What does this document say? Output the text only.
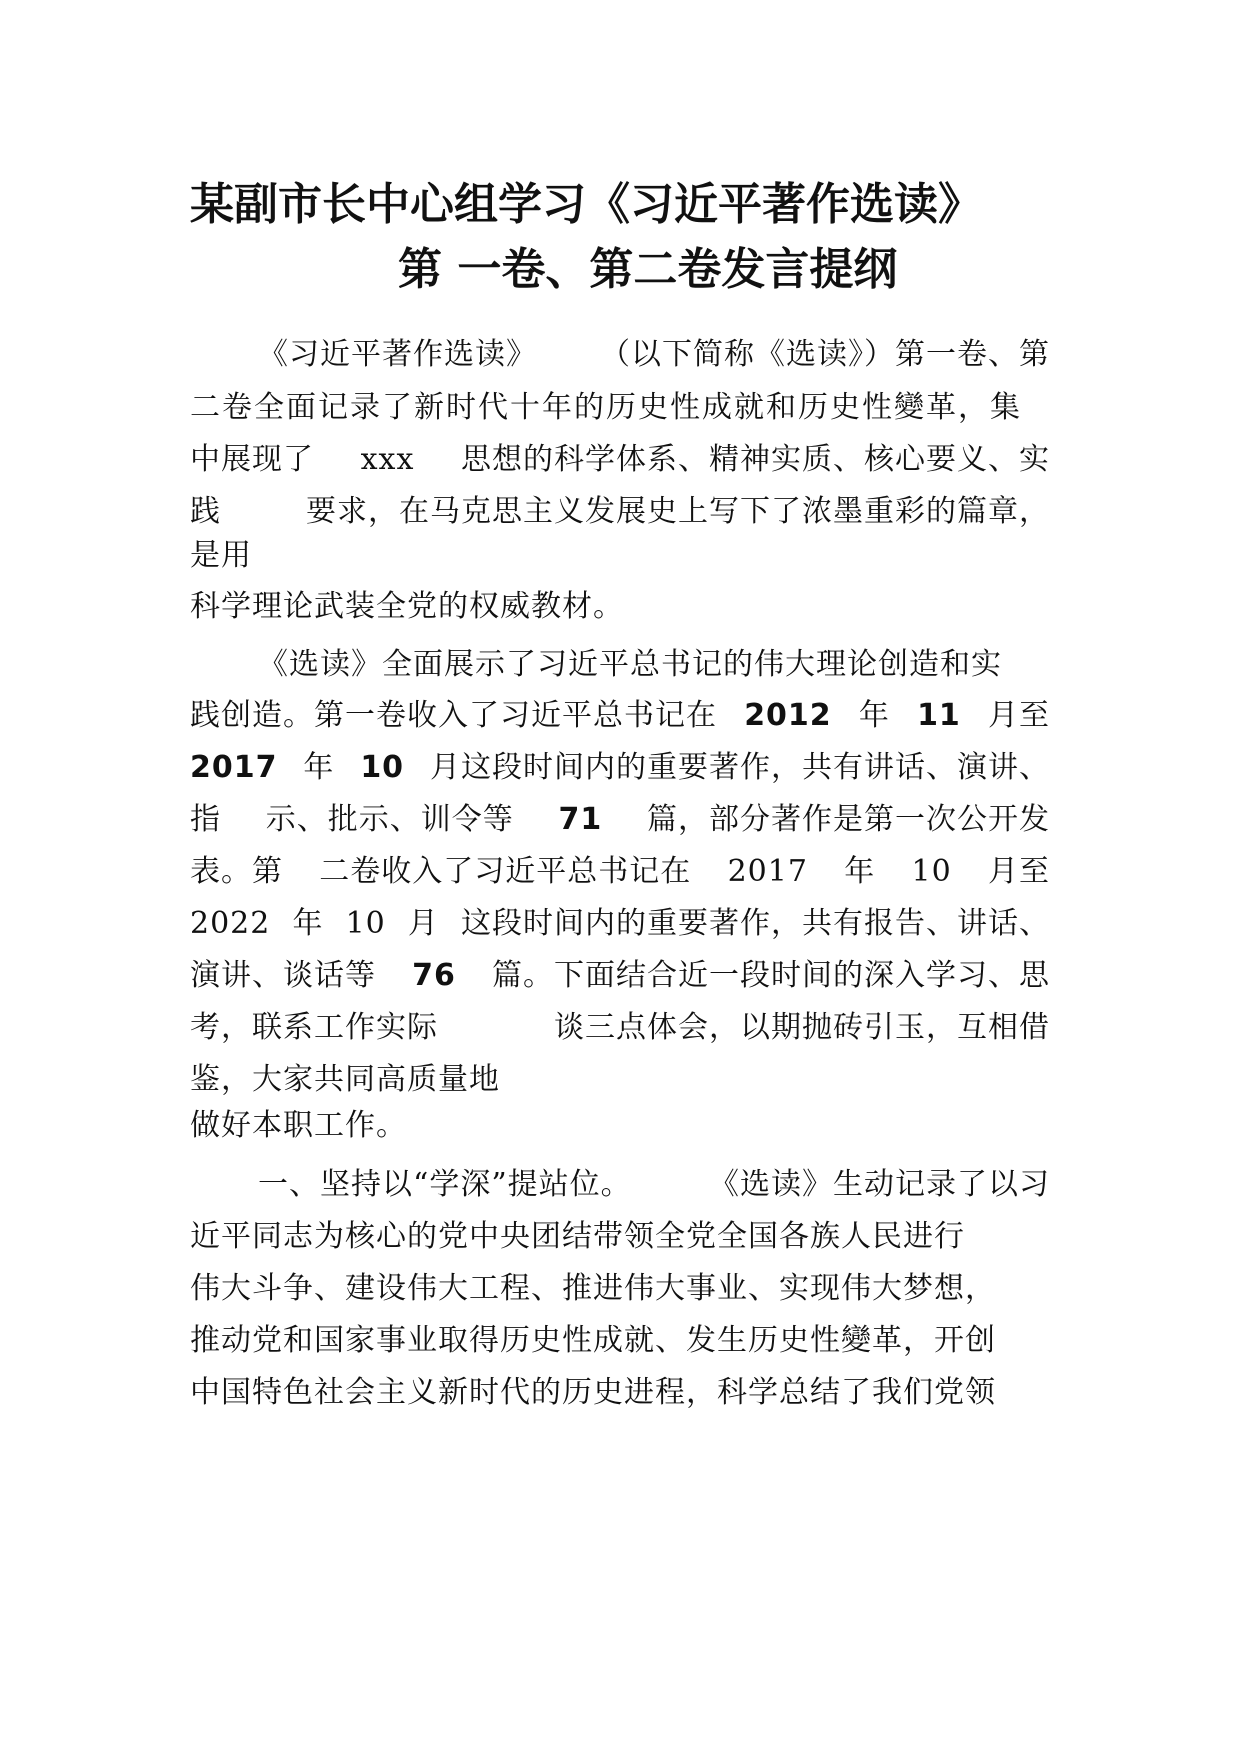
某副市长中心组学习《习近平著作选读》
第 一卷、第二卷发言提纲
《习近平著作选读》 （以下简称《选读》）第一卷、第
二卷全面记录了新时代十年的历史性成就和历史性變革，集
中展现了 xxx 思想的科学体系、精神实质、核心要义、实
践	要求，在马克思主义发展史上写下了浓墨重彩的篇章，
是用
科学理论武装全党的权威教材。
《选读》全面展示了习近平总书记的伟大理论创造和实
践创造。第一卷收入了习近平总书记在 2012 年 11 月至
2017 年 10 月这段时间内的重要著作，共有讲话、演讲、
指 示、批示、训令等 71 篇，部分著作是第一次公开发
表。第 二卷收入了习近平总书记在 2017 年 10 月至
2022 年 10 月 这段时间内的重要著作，共有报告、讲话、
演讲、谈话等 76 篇。下面结合近一段时间的深入学习、思
考，联系工作实际	谈三点体会，以期抛砖引玉，互相借
鉴，大家共同高质量地
做好本职工作。
一、坚持以“学深”提站位。	《选读》生动记录了以习
近平同志为核心的党中央团结带领全党全国各族人民进行
伟大斗争、建设伟大工程、推进伟大事业、实现伟大梦想，
推动党和国家事业取得历史性成就、发生历史性變革，开创
中国特色社会主义新时代的历史进程，科学总结了我们党领
